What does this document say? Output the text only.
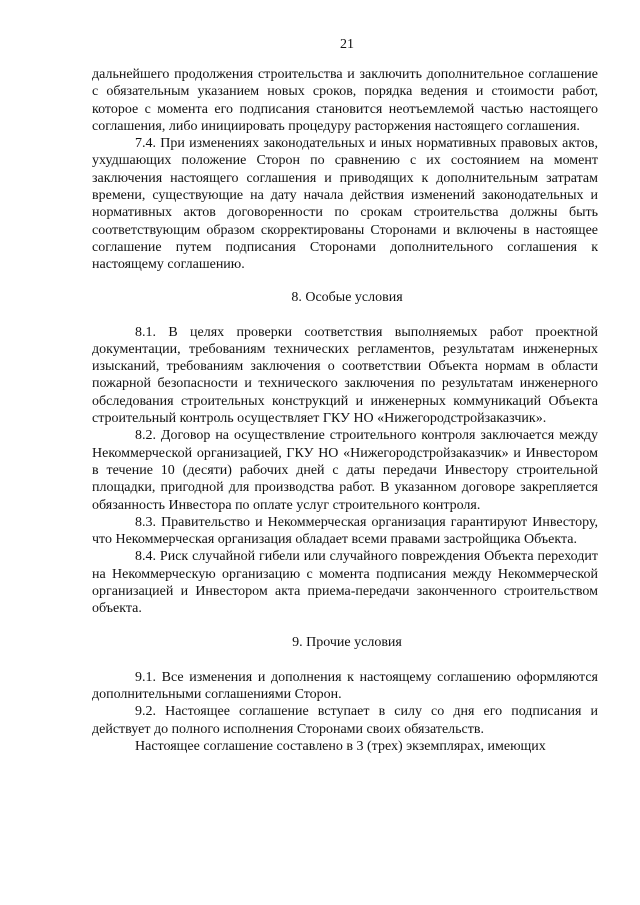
21

дальнейшего продолжения строительства и заключить дополнительное соглашение с обязательным указанием новых сроков, порядка ведения и стоимости работ, которое с момента его подписания становится неотъемлемой частью настоящего соглашения, либо инициировать процедуру расторжения настоящего соглашения.

7.4. При изменениях законодательных и иных нормативных правовых актов, ухудшающих положение Сторон по сравнению с их состоянием на момент заключения настоящего соглашения и приводящих к дополнительным затратам времени, существующие на дату начала действия изменений законодательных и нормативных актов договоренности по срокам строительства должны быть соответствующим образом скорректированы Сторонами и включены в настоящее соглашение путем подписания Сторонами дополнительного соглашения к настоящему соглашению.

8. Особые условия

8.1. В целях проверки соответствия выполняемых работ проектной документации, требованиям технических регламентов, результатам инженерных изысканий, требованиям заключения о соответствии Объекта нормам в области пожарной безопасности и технического заключения по результатам инженерного обследования строительных конструкций и инженерных коммуникаций Объекта строительный контроль осуществляет ГКУ НО «Нижегородстройзаказчик».

8.2. Договор на осуществление строительного контроля заключается между Некоммерческой организацией, ГКУ НО «Нижегородстройзаказчик» и Инвестором в течение 10 (десяти) рабочих дней с даты передачи Инвестору строительной площадки, пригодной для производства работ. В указанном договоре закрепляется обязанность Инвестора по оплате услуг строительного контроля.

8.3. Правительство и Некоммерческая организация гарантируют Инвестору, что Некоммерческая организация обладает всеми правами застройщика Объекта.

8.4. Риск случайной гибели или случайного повреждения Объекта переходит на Некоммерческую организацию с момента подписания между Некоммерческой организацией и Инвестором акта приема-передачи законченного строительством объекта.

9. Прочие условия

9.1. Все изменения и дополнения к настоящему соглашению оформляются дополнительными соглашениями Сторон.

9.2. Настоящее соглашение вступает в силу со дня его подписания и действует до полного исполнения Сторонами своих обязательств.

Настоящее соглашение составлено в 3 (трех) экземплярах, имеющих
